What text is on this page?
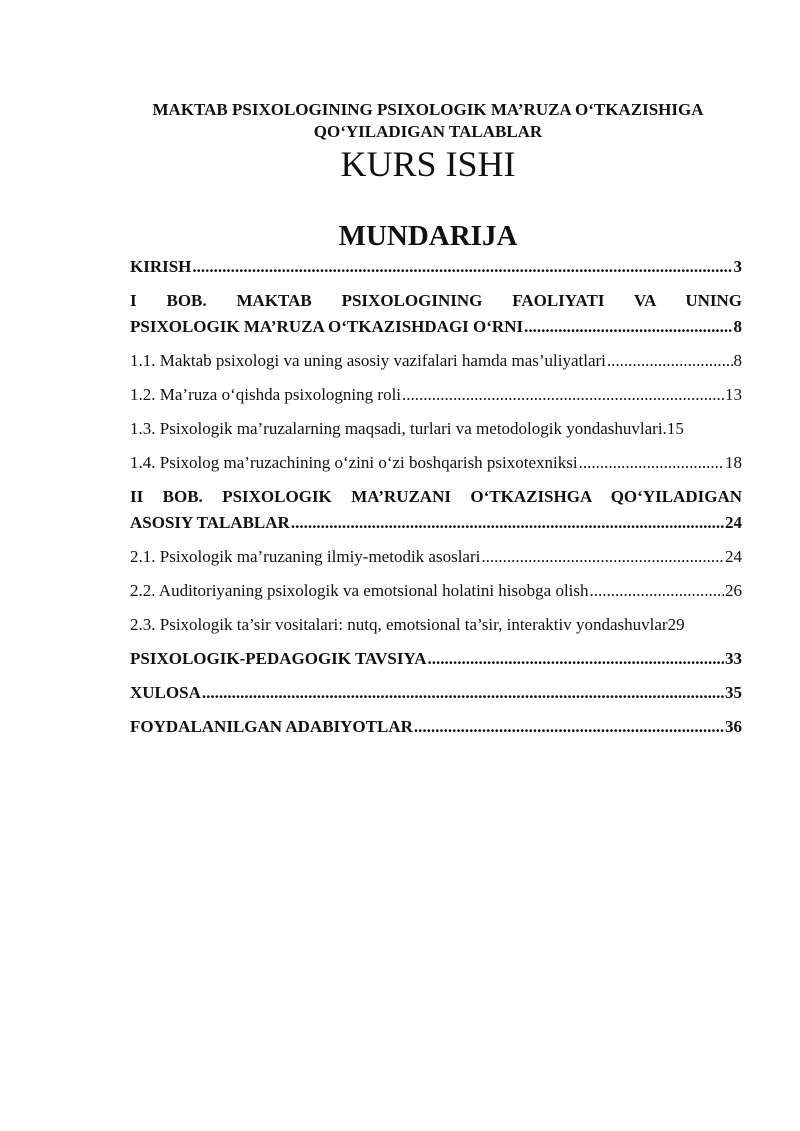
MAKTAB PSIXOLOGINING PSIXOLOGIK MA’RUZA O‘TKAZISHIGA
QO‘YILADIGAN TALABLAR
KURS ISHI
MUNDARIJA
KIRISH .....	3
I BOB. MAKTAB PSIXOLOGINING FAOLIYATI VA UNING
PSIXOLOGIK MA’RUZA O‘TKAZISHDAGI O‘RNI .....	8
1.1. Maktab psixologi va uning asosiy vazifalari hamda mas’uliyatlari .....	8
1.2. Ma’ruza o‘qishda psixologning roli .....	13
1.3. Psixologik ma’ruzalarning maqsadi, turlari va metodologik yondashuvlari. 15
1.4. Psixolog ma’ruzachining o‘zini o‘zi boshqarish psixotexniksi .....	18
II BOB. PSIXOLOGIK MA’RUZANI O‘TKAZISHGA QO‘YILADIGAN
ASOSIY TALABLAR .....	24
2.1. Psixologik ma’ruzaning ilmiy-metodik asoslari .....	24
2.2. Auditoriyaning psixologik va emotsional holatini hisobga olish .....	26
2.3. Psixologik ta’sir vositalari: nutq, emotsional ta’sir, interaktiv yondashuvlar 29
PSIXOLOGIK-PEDAGOGIK TAVSIYA .....	33
XULOSA .....	35
FOYDALANILGAN ADABIYOTLAR .....	36
